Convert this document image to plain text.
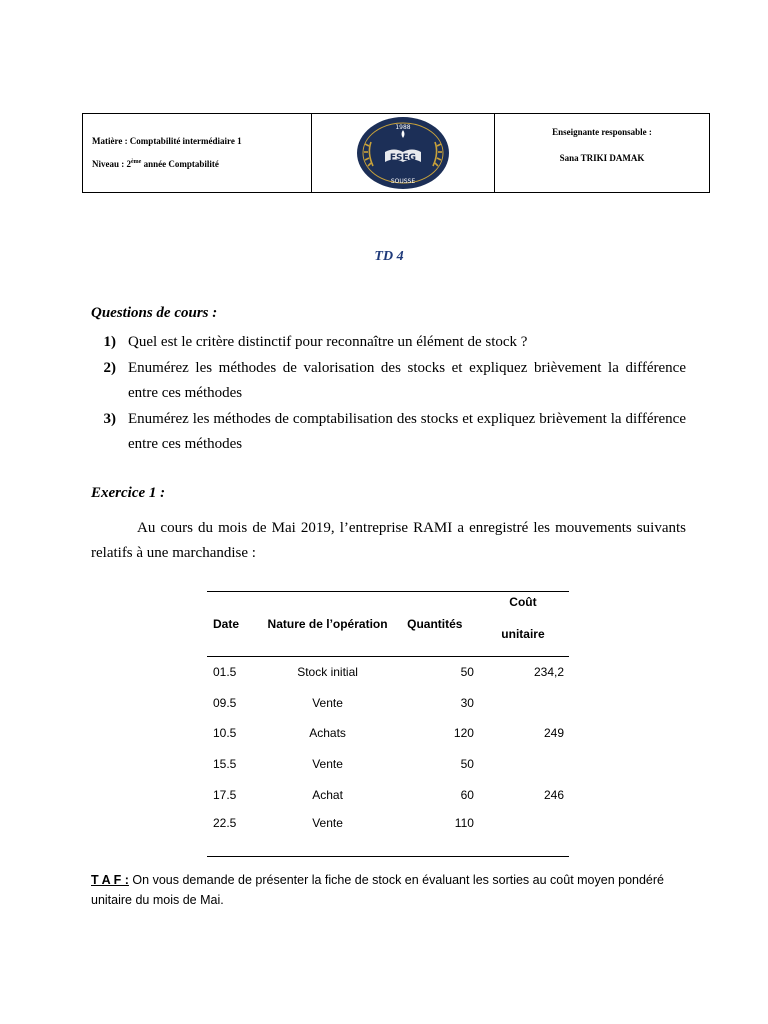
Matière : Comptabilité intermédiaire 1
Niveau : 2ème année Comptabilité
1988
FSEG
SOUSSE
Enseignante responsable :
Sana TRIKI DAMAK
TD 4
Questions de cours :
1) Quel est le critère distinctif pour reconnaître un élément de stock ?
2) Enumérez les méthodes de valorisation des stocks et expliquez brièvement la différence entre ces méthodes
3) Enumérez les méthodes de comptabilisation des stocks et expliquez brièvement la différence entre ces méthodes
Exercice 1 :
Au cours du mois de Mai 2019, l’entreprise RAMI a enregistré les mouvements suivants relatifs à une marchandise :
Date	Nature de l’opération	Quantités	Coût
unitaire
01.5	Stock initial	50	234,2
09.5	Vente	30	
10.5	Achats	120	249
15.5	Vente	50	
17.5	Achat	60	246
22.5	Vente	110	
T A F : On vous demande de présenter la fiche de stock en évaluant les sorties au coût moyen pondéré unitaire du mois de Mai.
